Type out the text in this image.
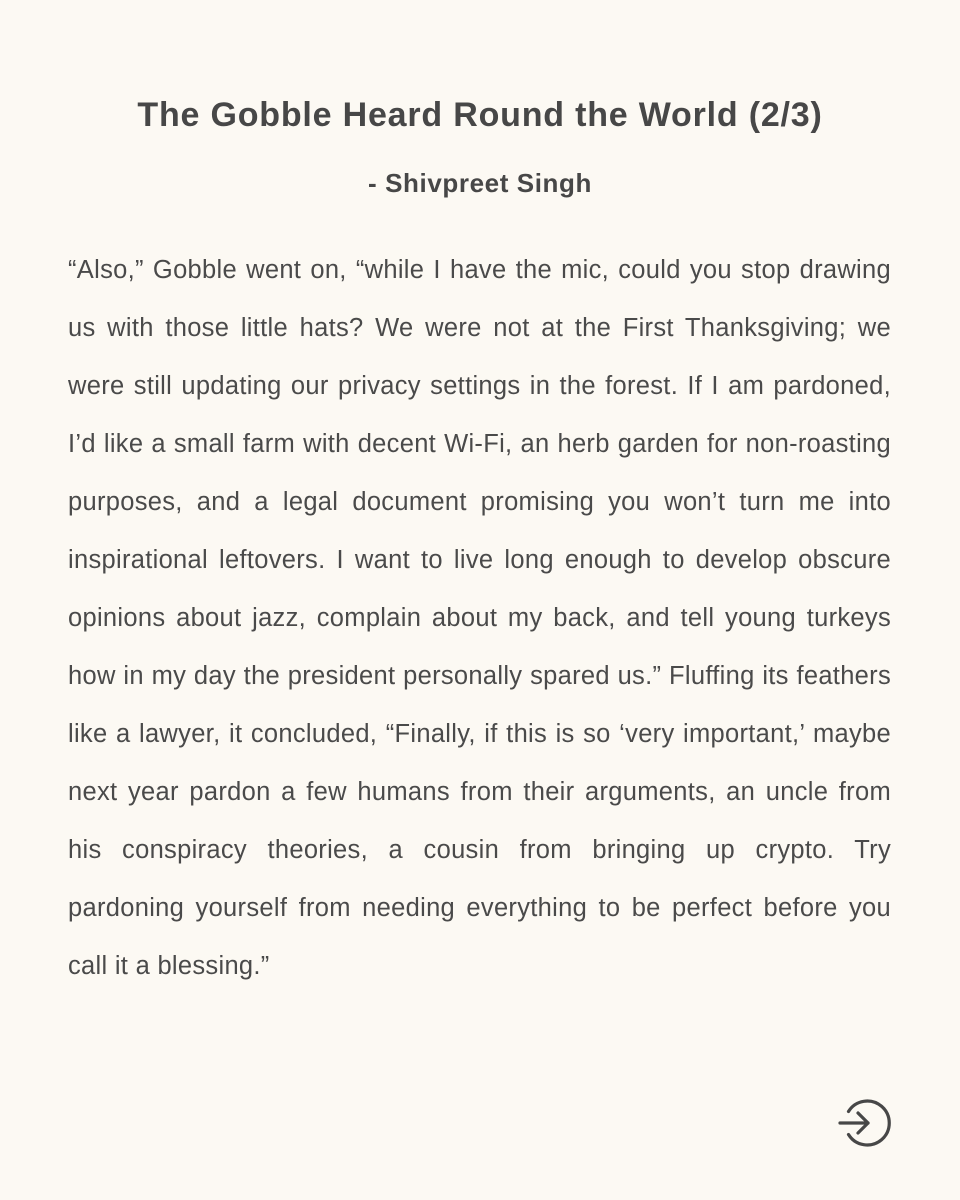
The Gobble Heard Round the World (2/3)
- Shivpreet Singh

“Also,” Gobble went on, “while I have the mic, could you stop drawing us with those little hats? We were not at the First Thanksgiving; we were still updating our privacy settings in the forest. If I am pardoned, I’d like a small farm with decent Wi-Fi, an herb garden for non-roasting purposes, and a legal document promising you won’t turn me into inspirational leftovers. I want to live long enough to develop obscure opinions about jazz, complain about my back, and tell young turkeys how in my day the president personally spared us.” Fluffing its feathers like a lawyer, it concluded, “Finally, if this is so ‘very important,’ maybe next year pardon a few humans from their arguments, an uncle from his conspiracy theories, a cousin from bringing up crypto. Try pardoning yourself from needing everything to be perfect before you call it a blessing.”
